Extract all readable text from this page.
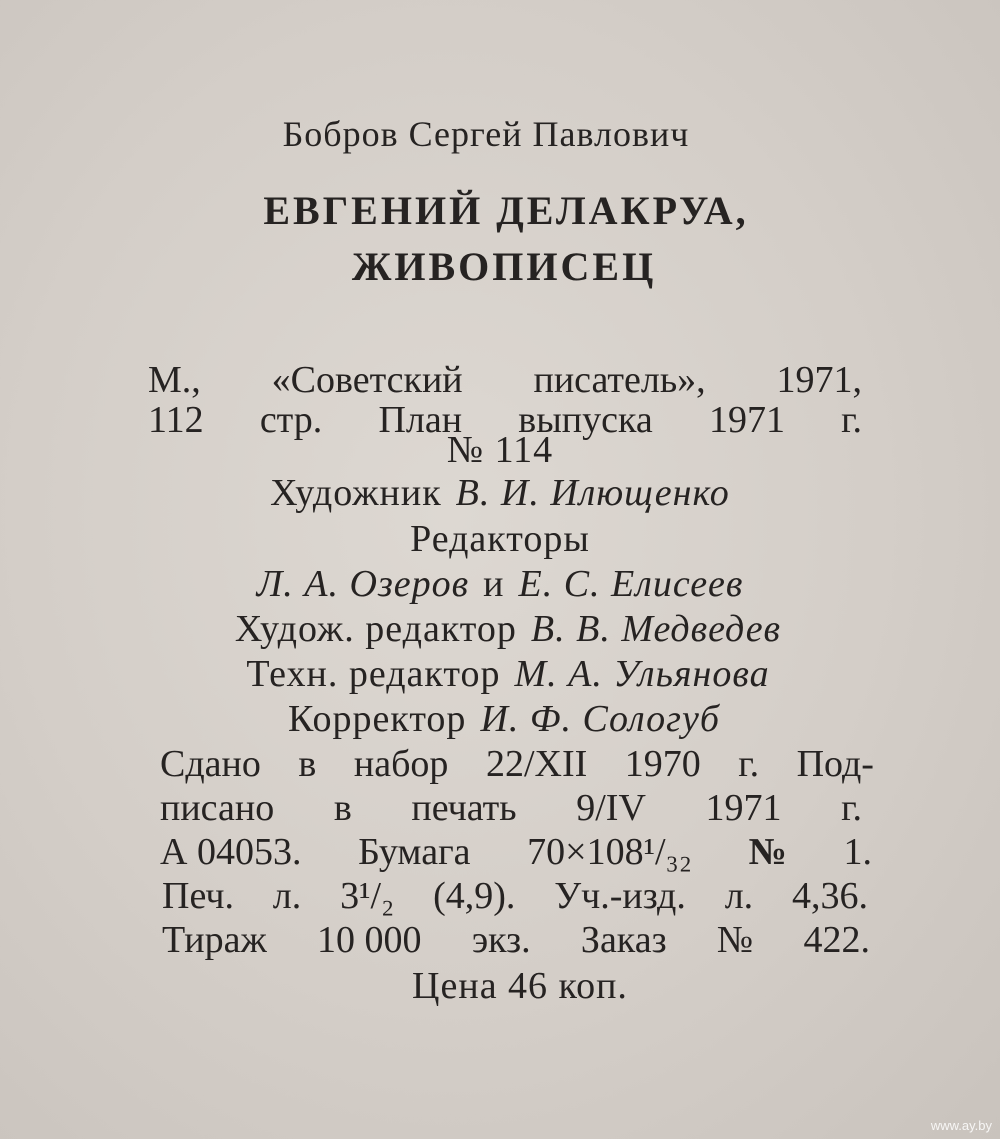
Бобров Сергей Павлович
ЕВГЕНИЙ ДЕЛАКРУА,
ЖИВОПИСЕЦ
М., «Советский писатель», 1971,
112 стр. План выпуска 1971 г.
№ 114
Художник В. И. Илющенко
Редакторы
Л. А. Озеров и Е. С. Елисеев
Худож. редактор В. В. Медведев
Техн. редактор М. А. Ульянова
Корректор И. Ф. Сологуб
Сдано в набор 22/XII 1970 г. Под-
писано в печать 9/IV 1971 г.
А 04053. Бумага 70×108¹/₃₂ № 1.
Печ. л. 3¹/₂ (4,9). Уч.-изд. л. 4,36.
Тираж 10 000 экз. Заказ № 422.
Цена 46 коп.
www.ay.by
